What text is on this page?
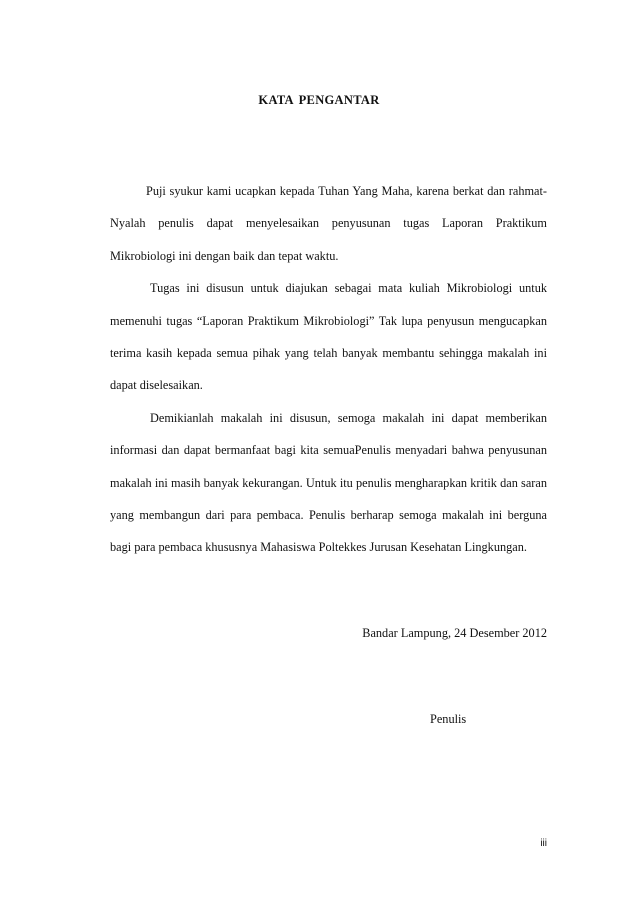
KATA PENGANTAR

Puji syukur kami ucapkan kepada Tuhan Yang Maha, karena berkat dan rahmat-Nyalah penulis dapat menyelesaikan penyusunan tugas Laporan Praktikum Mikrobiologi ini dengan baik dan tepat waktu.

Tugas ini disusun untuk diajukan sebagai mata kuliah Mikrobiologi untuk memenuhi tugas “Laporan Praktikum Mikrobiologi” Tak lupa penyusun mengucapkan terima kasih kepada semua pihak yang telah banyak membantu sehingga makalah ini dapat diselesaikan.

Demikianlah makalah ini disusun, semoga makalah ini dapat memberikan informasi dan dapat bermanfaat bagi kita semuaPenulis menyadari bahwa penyusunan makalah ini masih banyak kekurangan. Untuk itu penulis mengharapkan kritik dan saran yang membangun dari para pembaca. Penulis berharap semoga makalah ini berguna bagi para pembaca khususnya Mahasiswa Poltekkes Jurusan Kesehatan Lingkungan.

Bandar Lampung, 24 Desember 2012
Penulis
iii
